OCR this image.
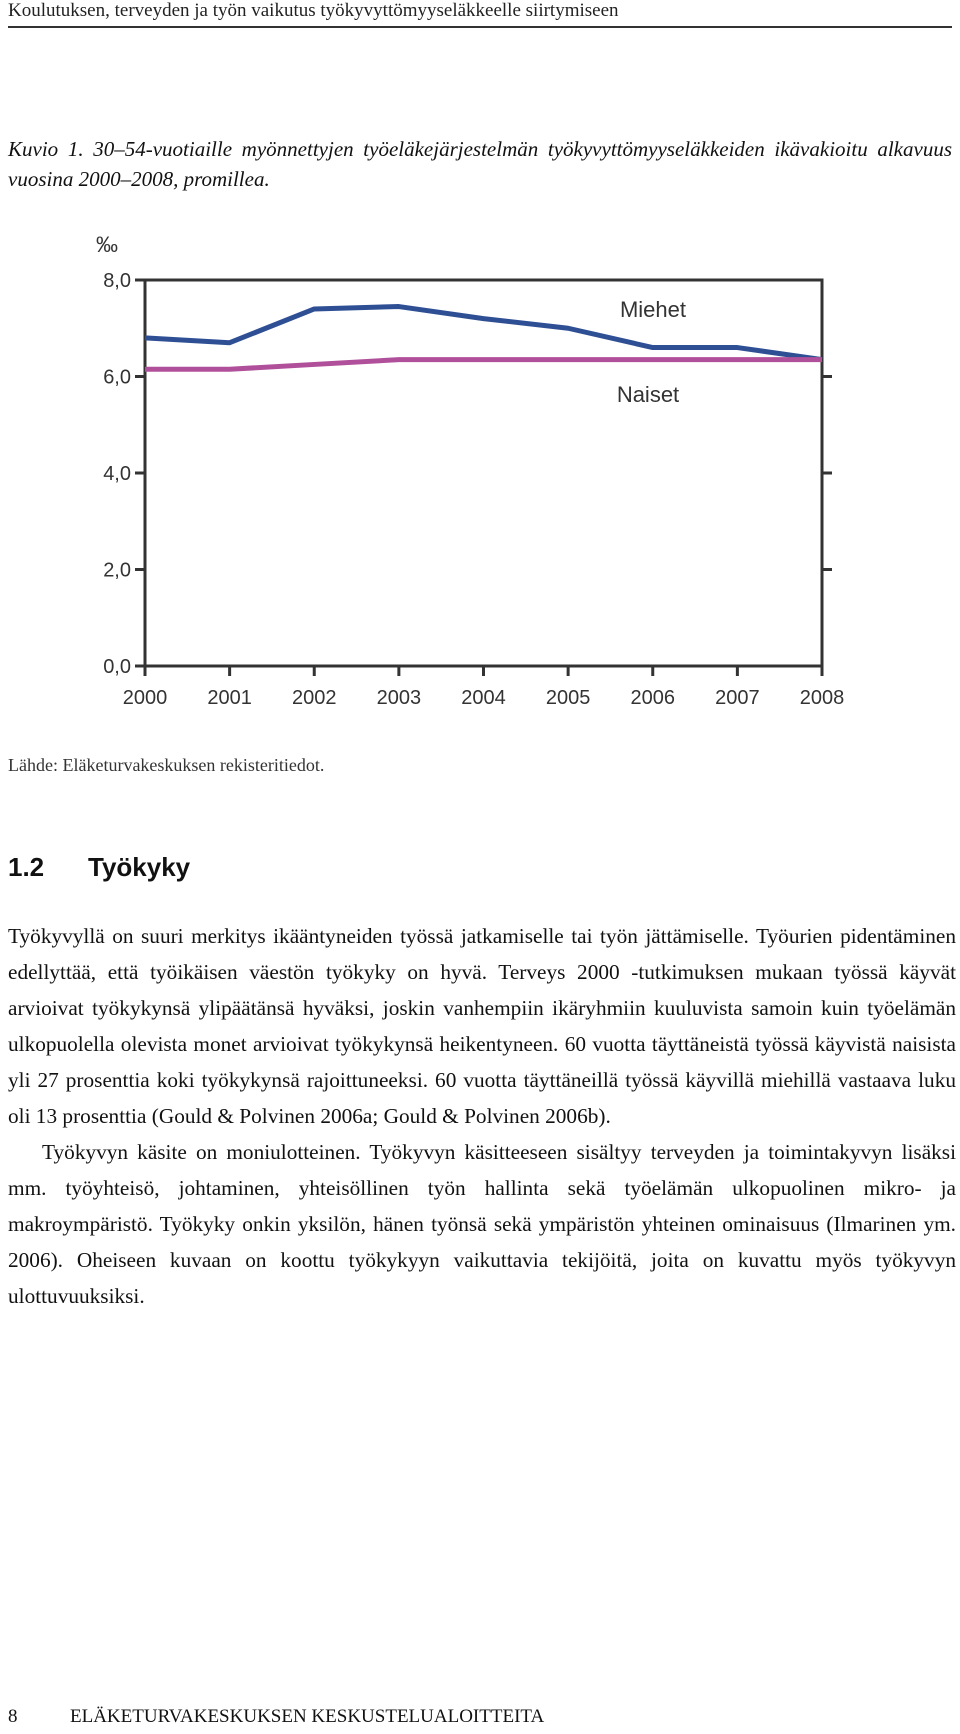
Koulutuksen, terveyden ja työn vaikutus työkyvyttömyyseläkkeelle siirtymiseen
Kuvio 1. 30–54-vuotiaille myönnettyjen työeläkejärjestelmän työkyvyttömyyseläkkeiden ikävakioitu alkavuus vuosina 2000–2008, promillea.
‰
0,0
2,0
4,0
6,0
8,0
2000 2001 2002 2003 2004 2005 2006 2007 2008
Miehet
Naiset
Lähde: Eläketurvakeskuksen rekisteritiedot.
1.2 Työkyky

Työkyvyllä on suuri merkitys ikääntyneiden työssä jatkamiselle tai työn jättämiselle. Työurien pidentäminen edellyttää, että työikäisen väestön työkyky on hyvä. Terveys 2000 -tutkimuksen mukaan työssä käyvät arvioivat työkykynsä ylipäätänsä hyväksi, joskin vanhempiin ikäryhmiin kuuluvista samoin kuin työelämän ulkopuolella olevista monet arvioivat työkykynsä heikentyneen. 60 vuotta täyttäneistä työssä käyvistä naisista yli 27 prosenttia koki työkykynsä rajoittuneeksi. 60 vuotta täyttäneillä työssä käyvillä miehillä vastaava luku oli 13 prosenttia (Gould & Polvinen 2006a; Gould & Polvinen 2006b).

Työkyvyn käsite on moniulotteinen. Työkyvyn käsitteeseen sisältyy terveyden ja toimintakyvyn lisäksi mm. työyhteisö, johtaminen, yhteisöllinen työn hallinta sekä työelämän ulkopuolinen mikro- ja makroympäristö. Työkyky onkin yksilön, hänen työnsä sekä ympäristön yhteinen ominaisuus (Ilmarinen ym. 2006). Oheiseen kuvaan on koottu työkykyyn vaikuttavia tekijöitä, joita on kuvattu myös työkyvyn ulottuvuuksiksi.

8	ELÄKETURVAKESKUKSEN KESKUSTELUALOITTEITA
